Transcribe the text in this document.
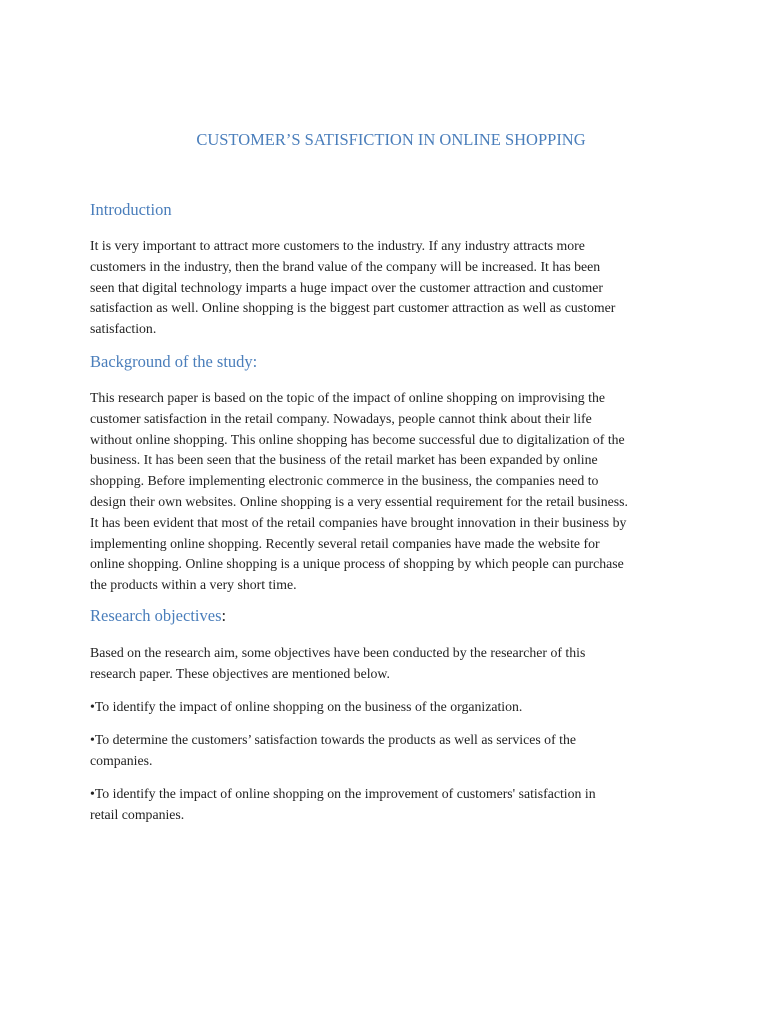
CUSTOMER’S SATISFICTION IN ONLINE SHOPPING
Introduction

It is very important to attract more customers to the industry. If any industry attracts more
customers in the industry, then the brand value of the company will be increased. It has been
seen that digital technology imparts a huge impact over the customer attraction and customer
satisfaction as well. Online shopping is the biggest part customer attraction as well as customer
satisfaction.

Background of the study:

This research paper is based on the topic of the impact of online shopping on improvising the
customer satisfaction in the retail company. Nowadays, people cannot think about their life
without online shopping. This online shopping has become successful due to digitalization of the
business. It has been seen that the business of the retail market has been expanded by online
shopping. Before implementing electronic commerce in the business, the companies need to
design their own websites. Online shopping is a very essential requirement for the retail business.
It has been evident that most of the retail companies have brought innovation in their business by
implementing online shopping. Recently several retail companies have made the website for
online shopping. Online shopping is a unique process of shopping by which people can purchase
the products within a very short time.

Research objectives:

Based on the research aim, some objectives have been conducted by the researcher of this
research paper. These objectives are mentioned below.

•To identify the impact of online shopping on the business of the organization.

•To determine the customers’ satisfaction towards the products as well as services of the
companies.

•To identify the impact of online shopping on the improvement of customers' satisfaction in
retail companies.
